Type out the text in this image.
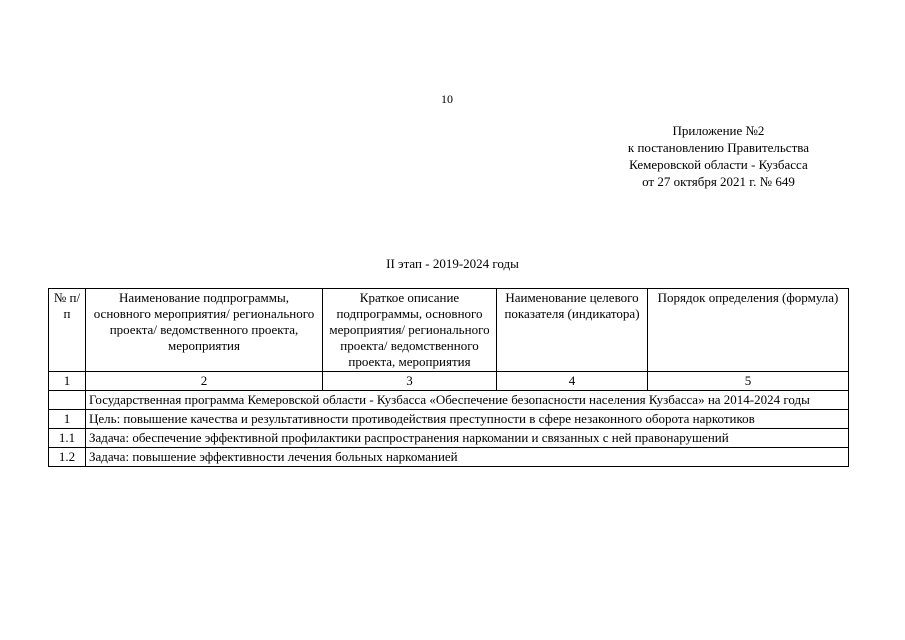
10
Приложение №2
к постановлению Правительства
Кемеровской области - Кузбасса
от 27 октября 2021 г. № 649
II этап - 2019-2024 годы
№ п/п	Наименование подпрограммы, основного мероприятия/ регионального проекта/ ведомственного проекта, мероприятия	Краткое описание подпрограммы, основного мероприятия/ регионального проекта/ ведомственного проекта, мероприятия	Наименование целевого показателя (индикатора)	Порядок определения (формула)
1	2	3	4	5
	Государственная программа Кемеровской области - Кузбасса «Обеспечение безопасности населения Кузбасса» на 2014-2024 годы			
1	Цель: повышение качества и результативности противодействия преступности в сфере незаконного оборота наркотиков			
1.1	Задача: обеспечение эффективной профилактики распространения наркомании и связанных с ней правонарушений			
1.2	Задача: повышение эффективности лечения больных наркоманией			
